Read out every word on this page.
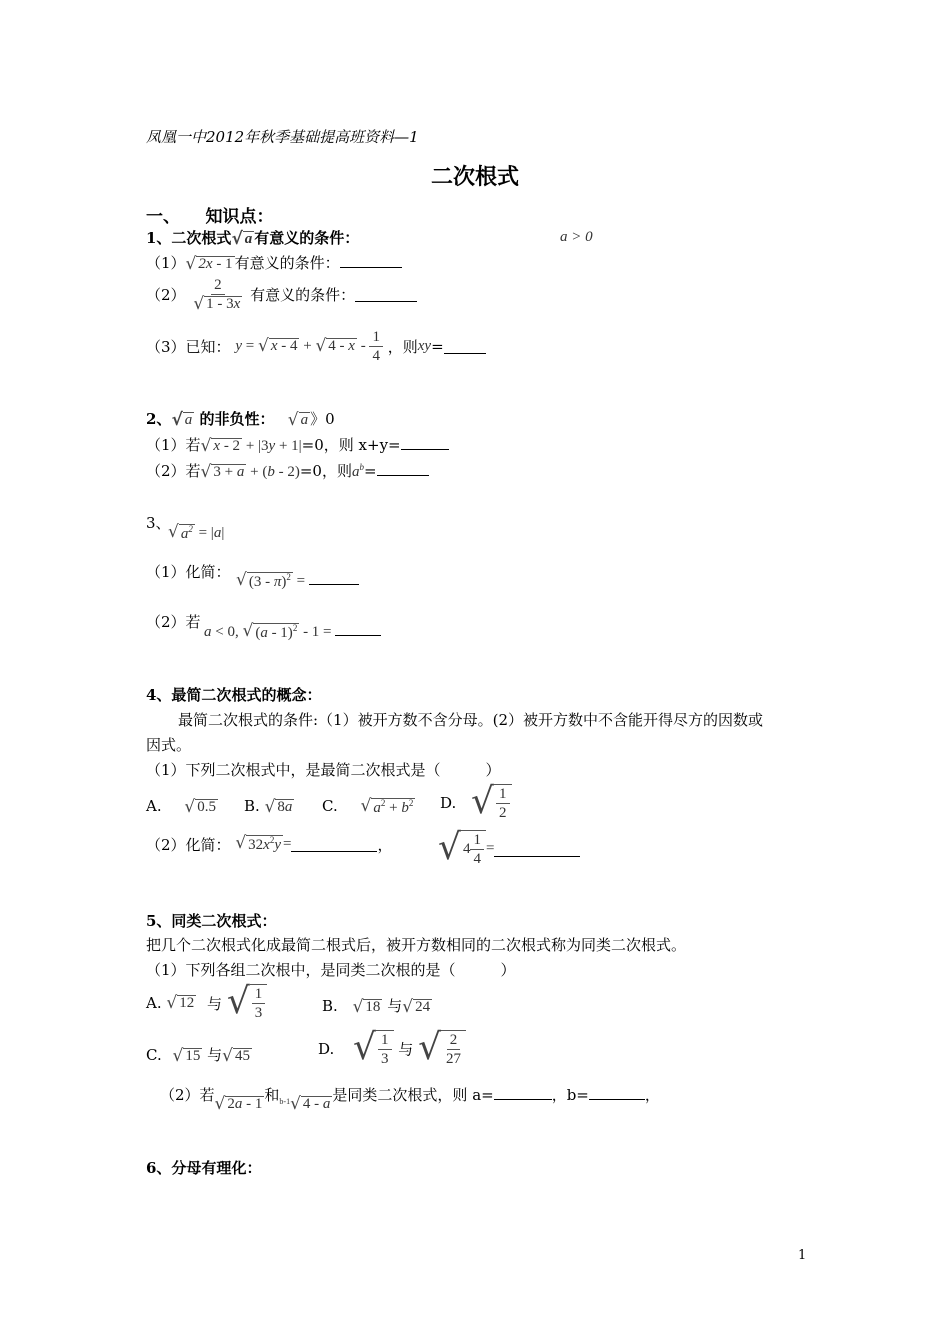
凤凰一中2012年秋季基础提高班资料—1
二次根式
一、　　知识点：
1、二次根式 √ a 有意义的条件：	a > 0
（1） √ 2x - 1 有意义的条件：
$(2) \frac{2}{√ 1 - 3x}$ 有意义的条件：
（3）已知： y = √ x - 4 + √ 4 - x - $\frac{1}{4}$ ，则xy=
2、 √ a 的非负性： √ a 》0
（1）若 √ x - 2 + |3y + 1|=0，则 x+y=
（2）若 √ 3 + a + (b - 2)=0，则$a^b=$
3、
√ $a^2 = |a|$
（1）化简： √ (3 - π)$^2$ =
（2）若
a < 0, √ (a - 1)$^2$ - 1 =
4、最简二次根式的概念：
最简二次根式的条件:（1）被开方数不含分母。(2）被开方数中不含能开得尽方的因数或
因式。
（1）下列二次根式中，是最简二次根式是（　　　）
A. √ 0.5 B. √ 8a C. √ $a^2 + b^2$ D. √ $\frac{1}{2}$
（2）化简： √ $32x^2y$ =	， √ $4 \frac{1}{4}$ =
5、同类二次根式：
把几个二次根式化成最简二根式后，被开方数相同的二次根式称为同类二次根式。
（1）下列各组二次根中，是同类二次根的是（　　　）
A. √ 12 与 √ $\frac{1}{3}$	B. √ 18 与 √ 24
C. √ 15 与 √ 45	D. √ $\frac{1}{3}$ 与 √ $\frac{2}{27}$
（2）若 √ 2a - 1 和$_{b-1}$ √ 4 - a 是同类二次根式，则 a=	，b=	，
6、分母有理化：
1
